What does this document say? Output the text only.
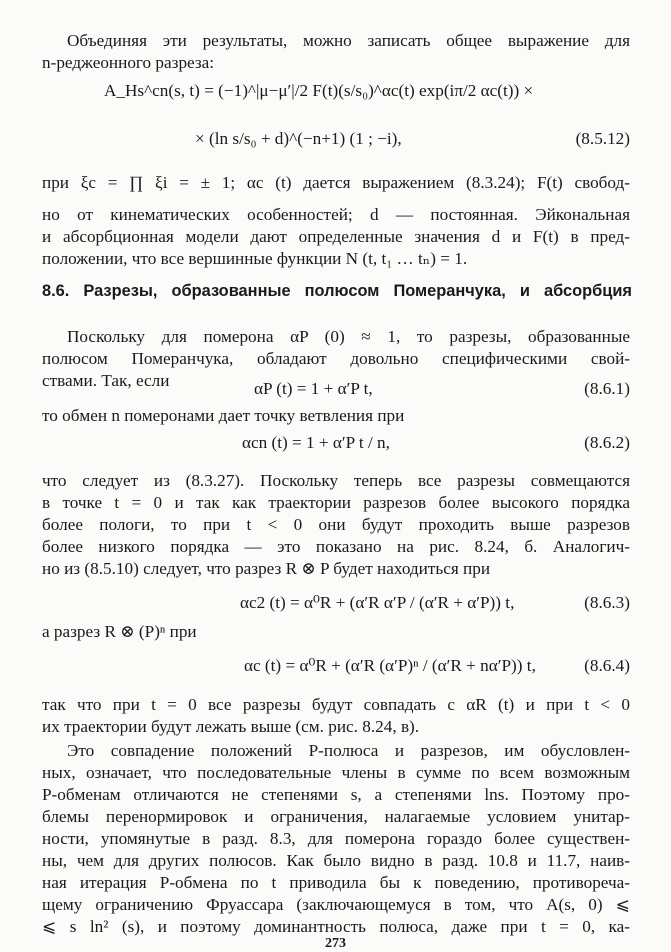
Объединяя эти результаты, можно записать общее выражение для
n-реджеонного разреза:
A_Hs^cn(s, t) = (−1)^|μ−μ′|/2 F(t)(s/s₀)^αc(t) exp(iπ/2 αc(t)) ×
× (ln s/s₀ + d)^(−n+1) (1 ; −i),	(8.5.12)
при ξc = ∏ ξi = ± 1; αc (t) дается выражением (8.3.24); F(t) свобод-
но от кинематических особенностей; d — постоянная. Эйкональная
и абсорбционная модели дают определенные значения d и F(t) в пред-
положении, что все вершинные функции N (t, t₁ … tₙ) = 1.
8.6. Разрезы, образованные полюсом Померанчука, и абсорбция
Поскольку для померона αP (0) ≈ 1, то разрезы, образованные
полюсом Померанчука, обладают довольно специфическими свой-
ствами. Так, если	αP (t) = 1 + α′P t,	(8.6.1)
то обмен n померонами дает точку ветвления при
αcn (t) = 1 + α′P t / n,	(8.6.2)
что следует из (8.3.27). Поскольку теперь все разрезы совмещаются
в точке t = 0 и так как траектории разрезов более высокого порядка
более пологи, то при t < 0 они будут проходить выше разрезов
более низкого порядка — это показано на рис. 8.24, б. Аналогич-
но из (8.5.10) следует, что разрез R ⊗ P будет находиться при
αc2 (t) = α⁰R + (α′R α′P / (α′R + α′P)) t,	(8.6.3)
а разрез R ⊗ (P)ⁿ при
αc (t) = α⁰R + (α′R (α′P)ⁿ / (α′R + nα′P)) t,	(8.6.4)
так что при t = 0 все разрезы будут совпадать с αR (t) и при t < 0
их траектории будут лежать выше (см. рис. 8.24, в).
Это совпадение положений P-полюса и разрезов, им обусловлен-
ных, означает, что последовательные члены в сумме по всем возможным
P-обменам отличаются не степенями s, а степенями lns. Поэтому про-
блемы перенормировок и ограничения, налагаемые условием унитар-
ности, упомянутые в разд. 8.3, для померона гораздо более существен-
ны, чем для других полюсов. Как было видно в разд. 10.8 и 11.7, наив-
ная итерация P-обмена по t приводила бы к поведению, противоречa-
щему ограничению Фруассара (заключающемуся в том, что A(s, 0) ⩽
⩽ s ln² (s), и поэтому доминантность полюса, даже при t = 0, ка-
273
